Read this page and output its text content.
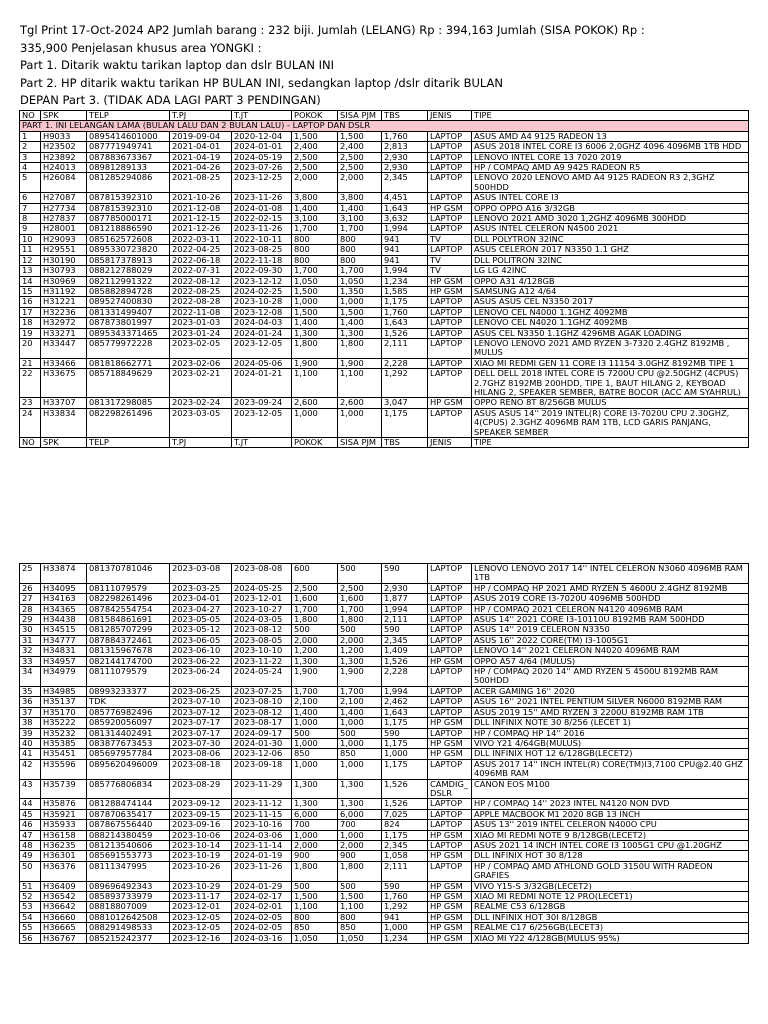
Tgl Print 17-Oct-2024 AP2 Jumlah barang : 232 biji. Jumlah (LELANG) Rp : 394,163 Jumlah (SISA POKOK) Rp :
335,900 Penjelasan khusus area YONGKI :
Part 1. Ditarik waktu tarikan laptop dan dslr BULAN INI
Part 2. HP ditarik waktu tarikan HP BULAN INI, sedangkan laptop /dslr ditarik BULAN
DEPAN Part 3. (TIDAK ADA LAGI PART 3 PENDINGAN)
NO	SPK	TELP	T.PJ	T.JT	POKOK	SISA PJM	TBS	JENIS	TIPE
PART 1. INI LELANGAN LAMA (BULAN LALU DAN 2 BULAN LALU) - LAPTOP DAN DSLR									
1	H9033	0895414601000	2019-09-04	2020-12-04	1,500	1,500	1,760	LAPTOP	ASUS AMD A4 9125 RADEON 13
2	H23502	087771949741	2021-04-01	2024-01-01	2,400	2,400	2,813	LAPTOP	ASUS 2018 INTEL CORE I3 6006 2,0GHZ 4096 4096MB 1TB HDD
3	H23892	087883673367	2021-04-19	2024-05-19	2,500	2,500	2,930	LAPTOP	LENOVO INTEL CORE 13 7020 2019
4	H24013	08981289133	2021-04-26	2023-07-26	2,500	2,500	2,930	LAPTOP	HP / COMPAQ AMD A9 9425 RADEON R5
5	H26084	081285294086	2021-08-25	2023-12-25	2,000	2,000	2,345	LAPTOP	LENOVO 2020 LENOVO AMD A4 9125 RADEON R3 2,3GHZ 500HDD
6	H27087	087815392310	2021-10-26	2023-11-26	3,800	3,800	4,451	LAPTOP	ASUS INTEL CORE I3
7	H27734	087815392310	2021-12-08	2024-01-08	1,400	1,400	1,643	HP GSM	OPPO OPPO A16 3/32GB
8	H27837	087785000171	2021-12-15	2022-02-15	3,100	3,100	3,632	LAPTOP	LENOVO 2021 AMD 3020 1,2GHZ 4096MB 300HDD
9	H28001	081218886590	2021-12-26	2023-11-26	1,700	1,700	1,994	LAPTOP	ASUS INTEL CELERON N4500 2021
10	H29093	085162572608	2022-03-11	2022-10-11	800	800	941	TV	DLL POLYTRON 32INC
11	H29551	0895330723820	2022-04-25	2023-08-25	800	800	941	LAPTOP	ASUS CELERON 2017 N3350 1.1 GHZ
12	H30190	085817378913	2022-06-18	2022-11-18	800	800	941	TV	DLL POLITRON 32INC
13	H30793	088212788029	2022-07-31	2022-09-30	1,700	1,700	1,994	TV	LG LG 42INC
14	H30969	082112991322	2022-08-12	2023-12-12	1,050	1,050	1,234	HP GSM	OPPO A31 4/128GB
15	H31192	085882894728	2022-08-25	2024-02-25	1,500	1,350	1,585	HP GSM	SAMSUNG A12 4/64
16	H31221	089527400830	2022-08-28	2023-10-28	1,000	1,000	1,175	LAPTOP	ASUS ASUS CEL N3350 2017
17	H32236	081331499407	2022-11-08	2023-12-08	1,500	1,500	1,760	LAPTOP	LENOVO CEL N4000 1.1GHZ 4092MB
18	H32972	087873801997	2023-01-03	2024-04-03	1,400	1,400	1,643	LAPTOP	LENOVO CEL N4020 1.1GHZ 4092MB
19	H33271	0895343371465	2023-01-24	2024-01-24	1,300	1,300	1,526	LAPTOP	ASUS CEL N3350 1.1GHZ 4296MB AGAK LOADING
20	H33447	085779972228	2023-02-05	2023-12-05	1,800	1,800	2,111	LAPTOP	LENOVO LENOVO 2021 AMD RYZEN 3-7320 2.4GHZ 8192MB , MULUS
21	H33466	081818662771	2023-02-06	2024-05-06	1,900	1,900	2,228	LAPTOP	XIAO MI REDMI GEN 11 CORE I3 11154 3.0GHZ 8192MB TIPE 1
22	H33675	085718849629	2023-02-21	2024-01-21	1,100	1,100	1,292	LAPTOP	DELL DELL 2018 INTEL CORE I5 7200U CPU @2.50GHZ (4CPUS) 2.7GHZ 8192MB 200HDD, TIPE 1, BAUT HILANG 2, KEYBOAD HILANG 2, SPEAKER SEMBER, BATRE BOCOR (ACC AM SYAHRUL)
23	H33707	081317298085	2023-02-24	2023-09-24	2,600	2,600	3,047	HP GSM	OPPO RENO 8T 8/256GB MULUS
24	H33834	082298261496	2023-03-05	2023-12-05	1,000	1,000	1,175	LAPTOP	ASUS ASUS 14'' 2019 INTEL(R) CORE I3-7020U CPU 2.30GHZ, 4(CPUS) 2.3GHZ 4096MB RAM 1TB, LCD GARIS PANJANG, SPEAKER SEMBER
NO	SPK	TELP	T.PJ	T.JT	POKOK	SISA PJM	TBS	JENIS	TIPE
25	H33874	081370781046	2023-03-08	2023-08-08	600	500	590	LAPTOP	LENOVO LENOVO 2017 14'' INTEL CELERON N3060 4096MB RAM 1TB
26	H34095	08111079579	2023-03-25	2024-05-25	2,500	2,500	2,930	LAPTOP	HP / COMPAQ HP 2021 AMD RYZEN 5 4600U 2.4GHZ 8192MB
27	H34163	082298261496	2023-04-01	2023-12-01	1,600	1,600	1,877	LAPTOP	ASUS 2019 CORE I3-7020U 4096MB 500HDD
28	H34365	087842554754	2023-04-27	2023-10-27	1,700	1,700	1,994	LAPTOP	HP / COMPAQ 2021 CELERON N4120 4096MB RAM
29	H34438	081584861691	2023-05-05	2024-03-05	1,800	1,800	2,111	LAPTOP	ASUS 14'' 2021 CORE I3-10110U 8192MB RAM 500HDD
30	H34515	081285707299	2023-05-12	2023-08-12	500	500	590	LAPTOP	ASUS 14'' 2019 CELERON N3350
31	H34777	087884372461	2023-06-05	2023-08-05	2,000	2,000	2,345	LAPTOP	ASUS 16'' 2022 CORE(TM) I3-1005G1
32	H34831	081315967678	2023-06-10	2023-10-10	1,200	1,200	1,409	LAPTOP	LENOVO 14'' 2021 CELERON N4020 4096MB RAM
33	H34957	082144174700	2023-06-22	2023-11-22	1,300	1,300	1,526	HP GSM	OPPO A57 4/64 (MULUS)
34	H34979	08111079579	2023-06-24	2024-05-24	1,900	1,900	2,228	LAPTOP	HP / COMPAQ 2020 14'' AMD RYZEN 5 4500U 8192MB RAM 500HDD
35	H34985	08993233377	2023-06-25	2023-07-25	1,700	1,700	1,994	LAPTOP	ACER GAMING 16'' 2020
36	H35137	TDK	2023-07-10	2023-08-10	2,100	2,100	2,462	LAPTOP	ASUS 16'' 2021 INTEL PENTIUM SILVER N6000 8192MB RAM
37	H35170	085776982496	2023-07-12	2023-08-12	1,400	1,400	1,643	LAPTOP	ASUS 2019 15'' AMD RYZEN 3 2200U 8192MB RAM 1TB
38	H35222	085920056097	2023-07-17	2023-08-17	1,000	1,000	1,175	HP GSM	DLL INFINIX NOTE 30 8/256 (LECET 1)
39	H35232	081314402491	2023-07-17	2024-09-17	500	500	590	LAPTOP	HP / COMPAQ HP 14'' 2016
40	H35385	083877673453	2023-07-30	2024-01-30	1,000	1,000	1,175	HP GSM	VIVO Y21 4/64GB(MULUS)
41	H35451	085697957784	2023-08-06	2023-12-06	850	850	1,000	HP GSM	DLL INFINIX HOT 12 6/128GB(LECET2)
42	H35596	0895620496009	2023-08-18	2023-09-18	1,000	1,000	1,175	LAPTOP	ASUS 2017 14'' INCH INTEL(R) CORE(TM)I3,7100 CPU@2.40 GHZ 4096MB RAM
43	H35739	085776806834	2023-08-29	2023-11-29	1,300	1,300	1,526	CAMDIG_ DSLR	CANON EOS M100
44	H35876	081288474144	2023-09-12	2023-11-12	1,300	1,300	1,526	LAPTOP	HP / COMPAQ 14'' 2023 INTEL N4120 NON DVD
45	H35921	087870635417	2023-09-15	2023-11-15	6,000	6,000	7,025	LAPTOP	APPLE MACBOOK M1 2020 8GB 13 INCH
46	H35933	087867556440	2023-09-16	2023-10-16	700	700	824	LAPTOP	ASUS 13'' 2019 INTEL CELERON N400O CPU
47	H36158	088214380459	2023-10-06	2024-03-06	1,000	1,000	1,175	HP GSM	XIAO MI REDMI NOTE 9 8/128GB(LECET2)
48	H36235	081213540606	2023-10-14	2023-11-14	2,000	2,000	2,345	LAPTOP	ASUS 2021 14 INCH INTEL CORE I3 1005G1 CPU @1.20GHZ
49	H36301	085691553773	2023-10-19	2024-01-19	900	900	1,058	HP GSM	DLL INFINIX HOT 30 8/128
50	H36376	08111347995	2023-10-26	2023-11-26	1,800	1,800	2,111	LAPTOP	HP / COMPAQ AMD ATHLOND GOLD 3150U WITH RADEON GRAFIES
51	H36409	089696492343	2023-10-29	2024-01-29	500	500	590	HP GSM	VIVO Y15-S 3/32GB(LECET2)
52	H36542	085893733979	2023-11-17	2024-02-17	1,500	1,500	1,760	HP GSM	XIAO MI REDMI NOTE 12 PRO(LECET1)
53	H36642	08818807009	2023-12-01	2024-02-01	1,100	1,100	1,292	HP GSM	REALME C53 6/128GB
54	H36660	0881012642508	2023-12-05	2024-02-05	800	800	941	HP GSM	DLL INFINIX HOT 30I 8/128GB
55	H36665	088291498533	2023-12-05	2024-02-05	850	850	1,000	HP GSM	REALME C17 6/256GB(LECET3)
56	H36767	085215242377	2023-12-16	2024-03-16	1,050	1,050	1,234	HP GSM	XIAO MI Y22 4/128GB(MULUS 95%)
